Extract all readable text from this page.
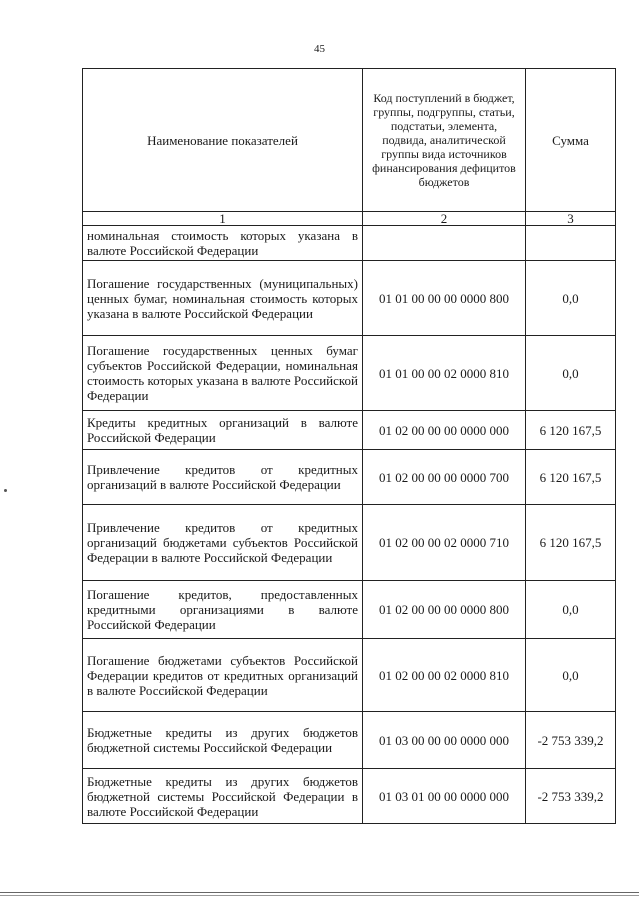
45
Наименование показателей	Код поступлений в бюджет, группы, подгруппы, статьи, подстатьи, элемента, подвида, аналитической группы вида источников финансирования дефицитов бюджетов	Сумма
1	2	3
номинальная стоимость которых указана в валюте Российской Федерации		
Погашение государственных (муниципальных) ценных бумаг, номинальная стоимость которых указана в валюте Российской Федерации	01 01 00 00 00 0000 800	0,0
Погашение государственных ценных бумаг субъектов Российской Федерации, номинальная стоимость которых указана в валюте Российской Федерации	01 01 00 00 02 0000 810	0,0
Кредиты кредитных организаций в валюте Российской Федерации	01 02 00 00 00 0000 000	6 120 167,5
Привлечение кредитов от кредитных организаций в валюте Российской Федерации	01 02 00 00 00 0000 700	6 120 167,5
Привлечение кредитов от кредитных организаций бюджетами субъектов Российской Федерации в валюте Российской Федерации	01 02 00 00 02 0000 710	6 120 167,5
Погашение кредитов, предоставленных кредитными организациями в валюте Российской Федерации	01 02 00 00 00 0000 800	0,0
Погашение бюджетами субъектов Российской Федерации кредитов от кредитных организаций в валюте Российской Федерации	01 02 00 00 02 0000 810	0,0
Бюджетные кредиты из других бюджетов бюджетной системы Российской Федерации	01 03 00 00 00 0000 000	-2 753 339,2
Бюджетные кредиты из других бюджетов бюджетной системы Российской Федерации в валюте Российской Федерации	01 03 01 00 00 0000 000	-2 753 339,2
